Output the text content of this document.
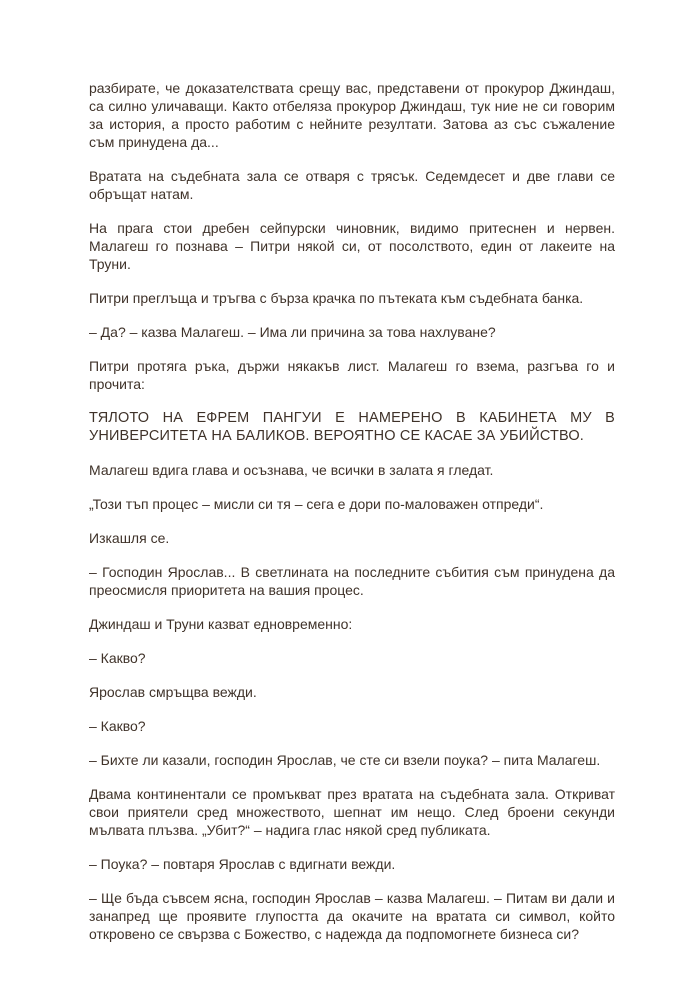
разбирате, че доказателствата срещу вас, представени от прокурор Джиндаш, са силно уличаващи. Както отбеляза прокурор Джиндаш, тук ние не си говорим за история, а просто работим с нейните резултати. Затова аз със съжаление съм принудена да...

Вратата на съдебната зала се отваря с трясък. Седемдесет и две глави се обръщат натам.

На прага стои дребен сейпурски чиновник, видимо притеснен и нервен. Малагеш го познава – Питри някой си, от посолството, един от лакеите на Труни.

Питри преглъща и тръгва с бърза крачка по пътеката към съдебната банка.

– Да? – казва Малагеш. – Има ли причина за това нахлуване?

Питри протяга ръка, държи някакъв лист. Малагеш го взема, разгъва го и прочита:

ТЯЛОТО НА ЕФРЕМ ПАНГУИ Е НАМЕРЕНО В КАБИНЕТА МУ В УНИВЕРСИТЕТА НА БАЛИКОВ. ВЕРОЯТНО СЕ КАСАЕ ЗА УБИЙСТВО.

Малагеш вдига глава и осъзнава, че всички в залата я гледат.

„Този тъп процес – мисли си тя – сега е дори по-маловажен отпреди“.

Изкашля се.

– Господин Ярослав... В светлината на последните събития съм принудена да преосмисля приоритета на вашия процес.

Джиндаш и Труни казват едновременно:

– Какво?

Ярослав смръщва вежди.

– Какво?

– Бихте ли казали, господин Ярослав, че сте си взели поука? – пита Малагеш.

Двама континентали се промъкват през вратата на съдебната зала. Откриват свои приятели сред множеството, шепнат им нещо. След броени секунди мълвата плъзва. „Убит?“ – надига глас някой сред публиката.

– Поука? – повтаря Ярослав с вдигнати вежди.

– Ще бъда съвсем ясна, господин Ярослав – казва Малагеш. – Питам ви дали и занапред ще проявите глупостта да окачите на вратата си символ, който откровено се свързва с Божество, с надежда да подпомогнете бизнеса си?
